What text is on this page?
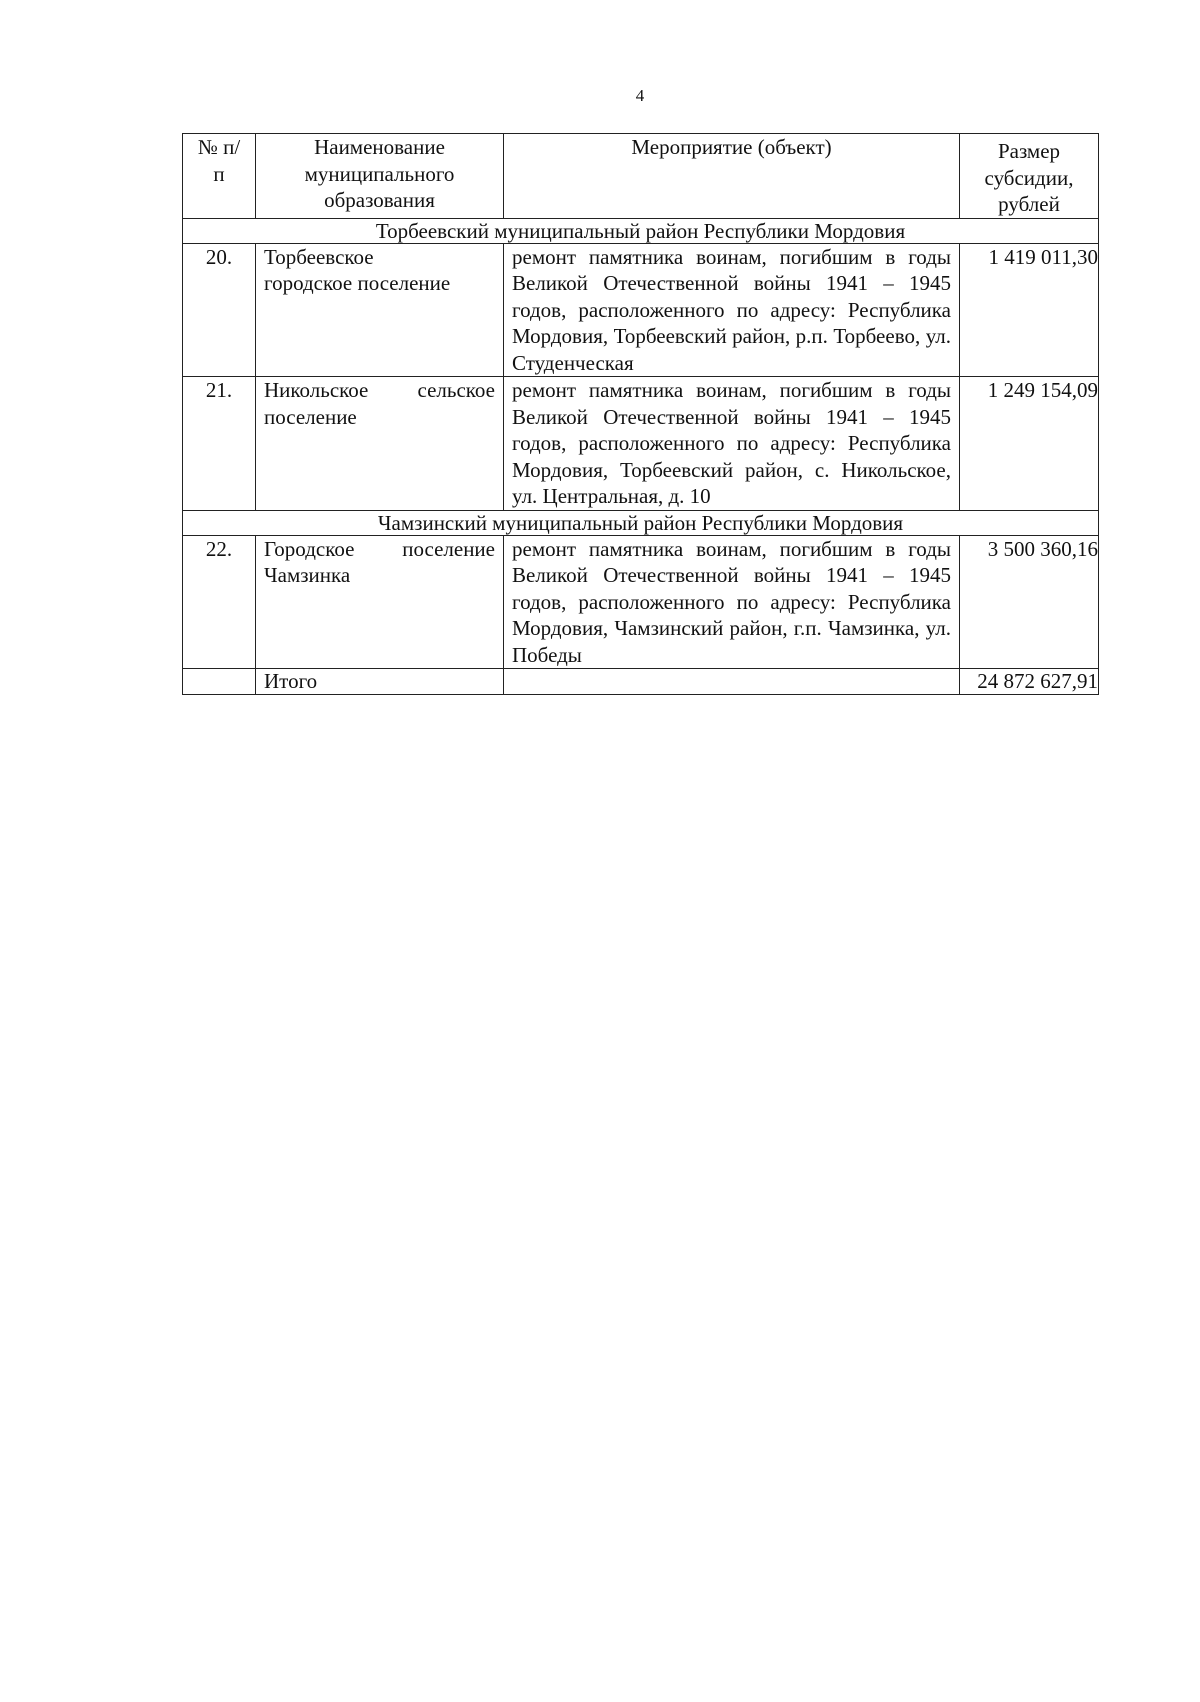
4
№ п/п	Наименование муниципального образования	Мероприятие (объект)	Размер субсидии, рублей
Торбеевский муниципальный район Республики Мордовия			
20.	Торбеевское городское поселение	ремонт памятника воинам, погибшим в годы Великой Отечественной войны 1941 – 1945 годов, расположенного по адресу: Республика Мордовия, Торбеевский район, р.п. Торбеево, ул. Студенческая	1 419 011,30
21.	Никольское сельское поселение	ремонт памятника воинам, погибшим в годы Великой Отечественной войны 1941 – 1945 годов, расположенного по адресу: Республика Мордовия, Торбеевский район, с. Никольское, ул. Центральная, д. 10	1 249 154,09
Чамзинский муниципальный район Республики Мордовия			
22.	Городское поселение Чамзинка	ремонт памятника воинам, погибшим в годы Великой Отечественной войны 1941 – 1945 годов, расположенного по адресу: Республика Мордовия, Чамзинский район, г.п. Чамзинка, ул. Победы	3 500 360,16
	Итого		24 872 627,91
